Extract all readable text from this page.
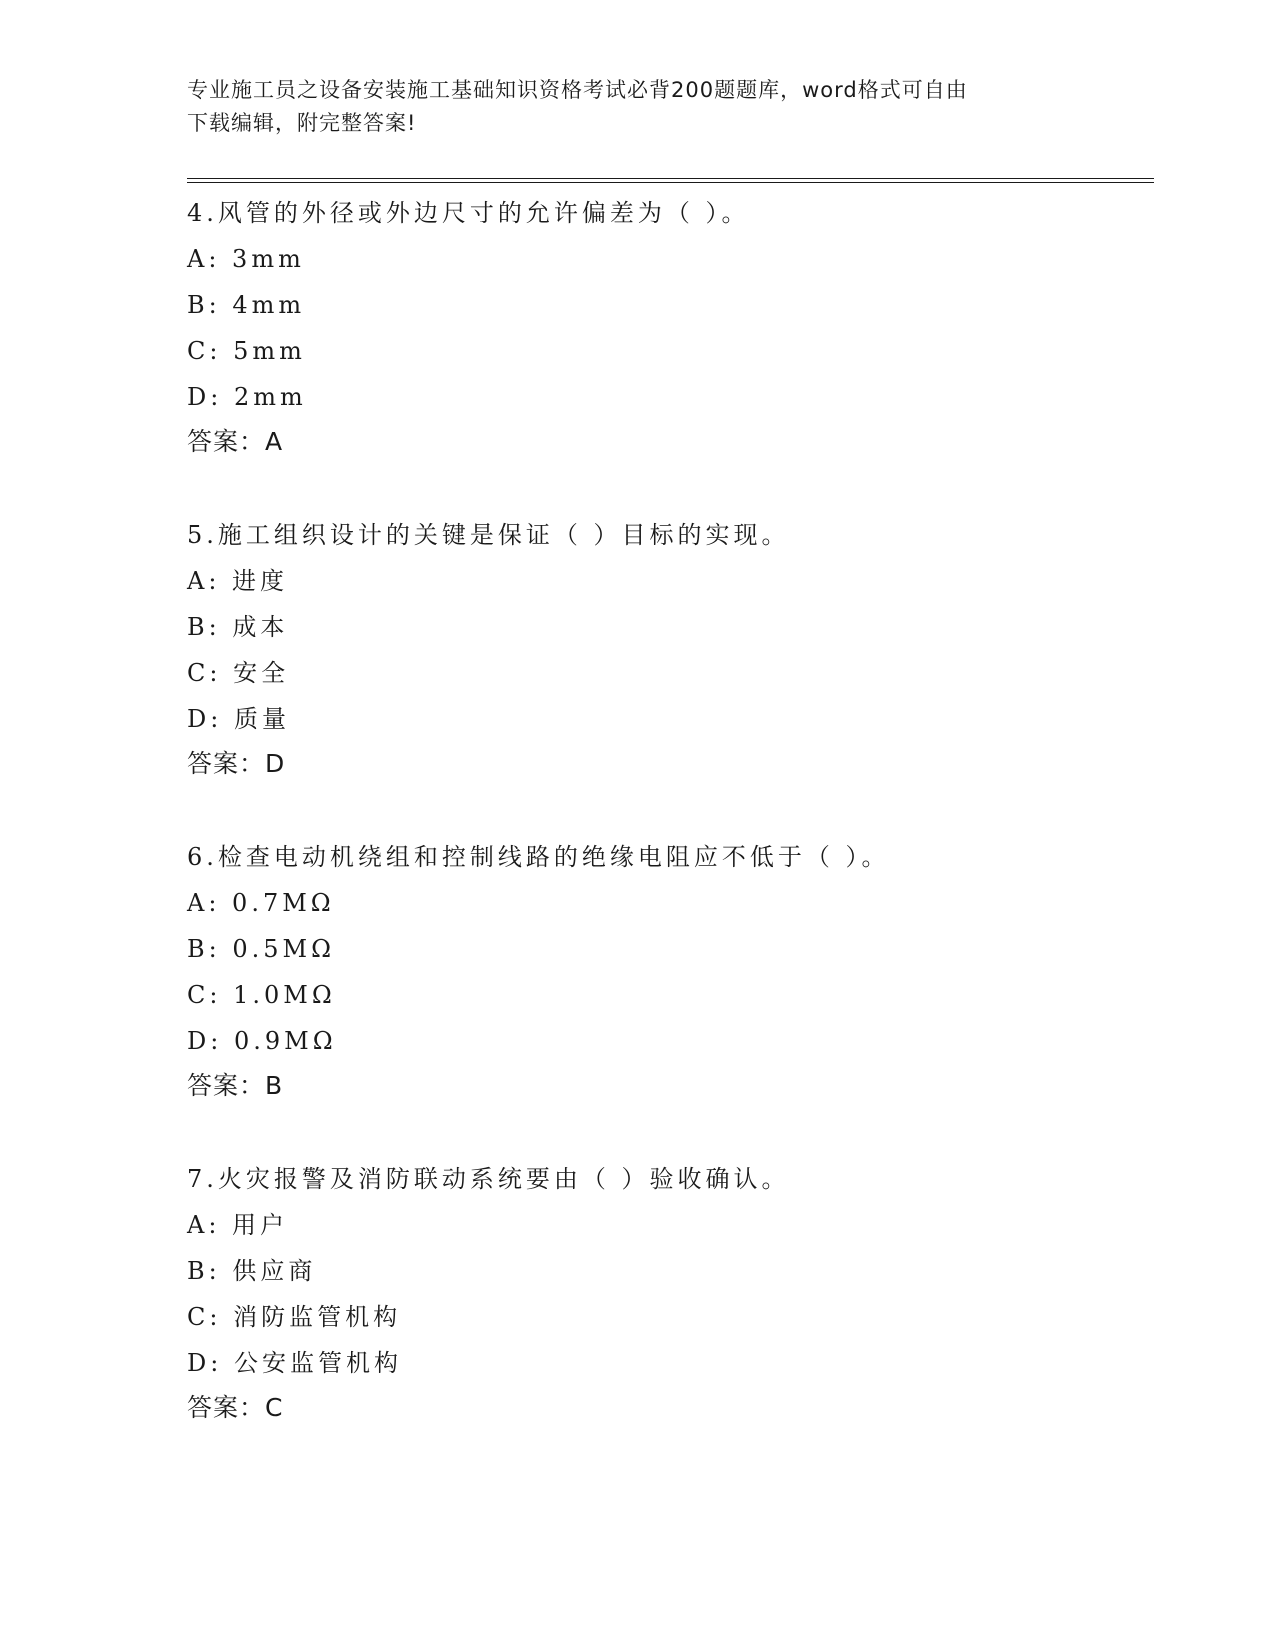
专业施工员之设备安装施工基础知识资格考试必背200题题库，word格式可自由

下载编辑，附完整答案!

4.风管的外径或外边尺寸的允许偏差为（ ）。
A: 3mm
B: 4mm
C: 5mm
D: 2mm
答案：A
5.施工组织设计的关键是保证（ ）目标的实现。
A: 进度
B: 成本
C: 安全
D: 质量
答案：D
6.检查电动机绕组和控制线路的绝缘电阻应不低于（ ）。
A: 0.7MΩ
B: 0.5MΩ
C: 1.0MΩ
D: 0.9MΩ
答案：B
7.火灾报警及消防联动系统要由（ ）验收确认。
A: 用户
B: 供应商
C: 消防监管机构
D: 公安监管机构
答案：C
